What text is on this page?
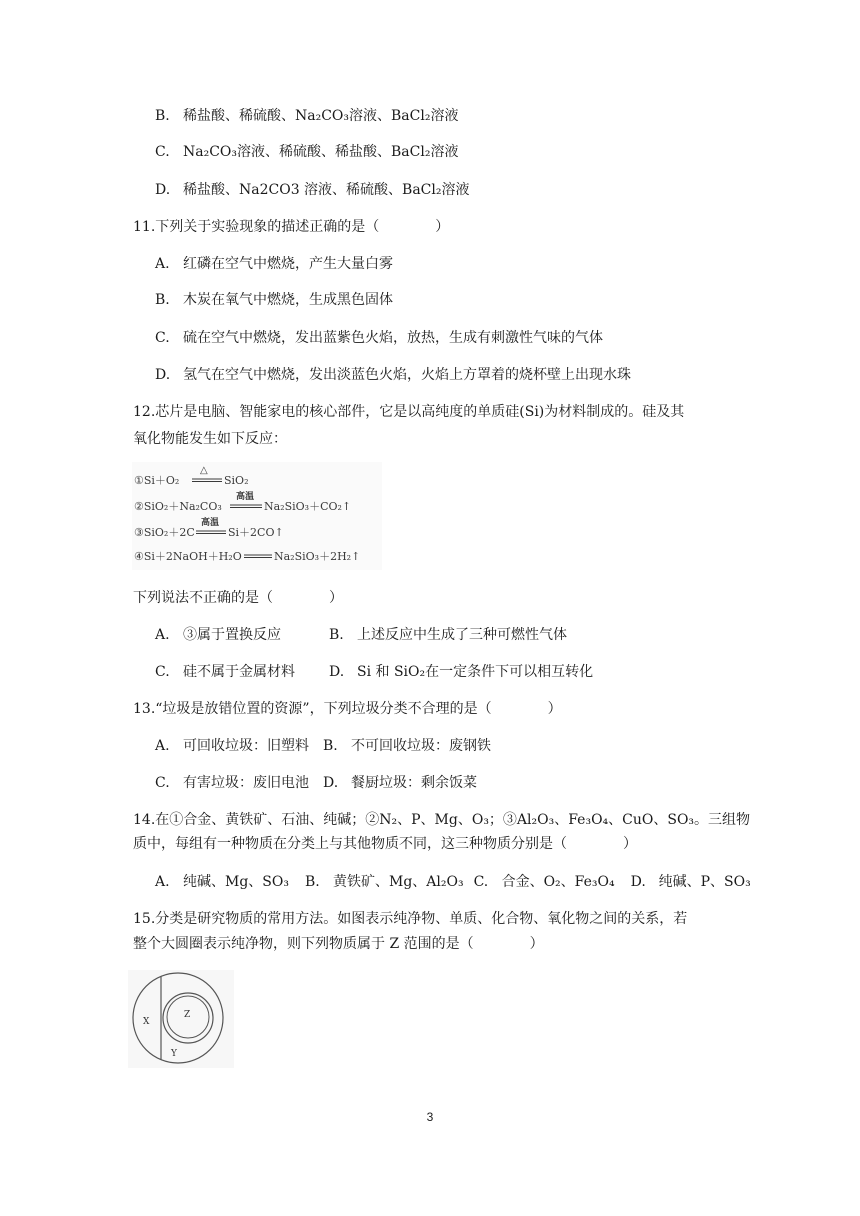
B. 稀盐酸、稀硫酸、Na₂CO₃溶液、BaCl₂溶液
C. Na₂CO₃溶液、稀硫酸、稀盐酸、BaCl₂溶液
D. 稀盐酸、Na2CO3 溶液、稀硫酸、BaCl₂溶液
11.下列关于实验现象的描述正确的是（　　　　）
A. 红磷在空气中燃烧，产生大量白雾
B. 木炭在氧气中燃烧，生成黑色固体
C. 硫在空气中燃烧，发出蓝紫色火焰，放热，生成有刺激性气味的气体
D. 氢气在空气中燃烧，发出淡蓝色火焰，火焰上方罩着的烧杯壁上出现水珠
12.芯片是电脑、智能家电的核心部件，它是以高纯度的单质硅(Si)为材料制成的。硅及其
氧化物能发生如下反应：
①Si＋O₂
△
SiO₂
②SiO₂＋Na₂CO₃
高温
Na₂SiO₃＋CO₂↑
③SiO₂＋2C
高温
Si＋2CO↑
④Si＋2NaOH＋H₂O	Na₂SiO₃＋2H₂↑
下列说法不正确的是（　　　　）
A. ③属于置换反应	B. 上述反应中生成了三种可燃性气体
C. 硅不属于金属材料 D. Si 和 SiO₂在一定条件下可以相互转化
13.“垃圾是放错位置的资源”，下列垃圾分类不合理的是（　　　　）
A. 可回收垃圾：旧塑料 B. 不可回收垃圾：废钢铁
C. 有害垃圾：废旧电池 D. 餐厨垃圾：剩余饭菜
14.在①合金、黄铁矿、石油、纯碱；②N₂、P、Mg、O₃；③Al₂O₃、Fe₃O₄、CuO、SO₃。三组物
质中，每组有一种物质在分类上与其他物质不同，这三种物质分别是（　　　　）
A. 纯碱、Mg、SO₃ B. 黄铁矿、Mg、Al₂O₃ C. 合金、O₂、Fe₃O₄ D. 纯碱、P、SO₃
15.分类是研究物质的常用方法。如图表示纯净物、单质、化合物、氧化物之间的关系，若
整个大圆圈表示纯净物，则下列物质属于 Z 范围的是（　　　　）
X
Z
Y
3
